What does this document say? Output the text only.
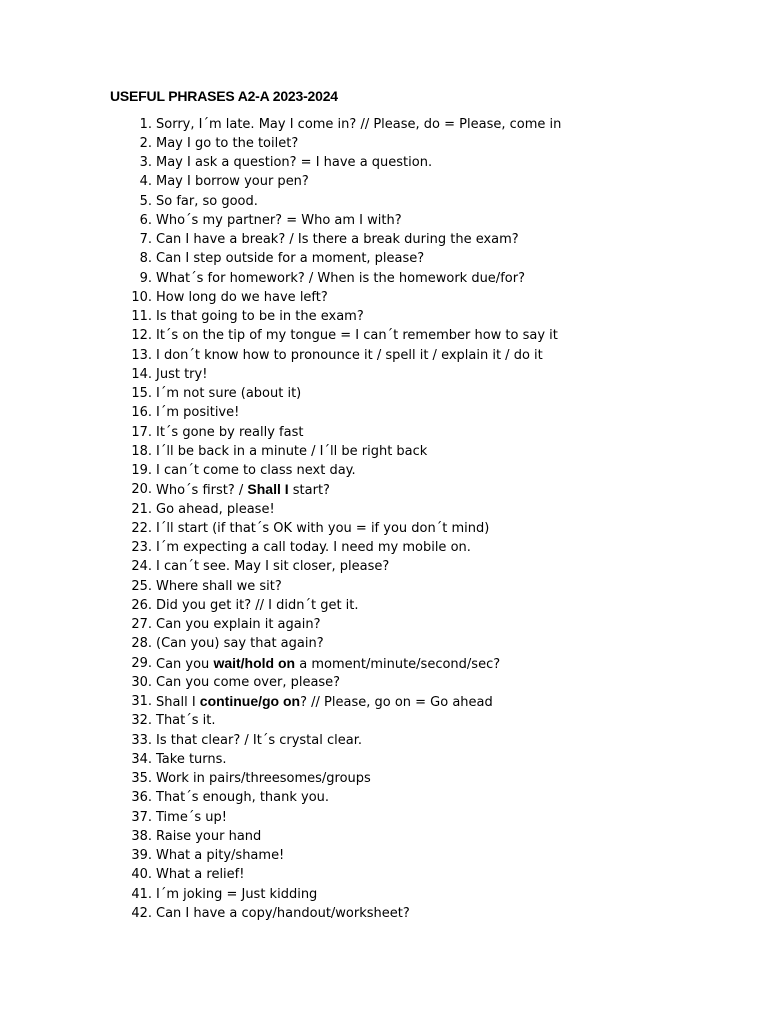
USEFUL PHRASES A2-A 2023-2024
1. Sorry, I´m late. May I come in? // Please, do = Please, come in
2. May I go to the toilet?
3. May I ask a question? = I have a question.
4. May I borrow your pen?
5. So far, so good.
6. Who´s my partner? = Who am I with?
7. Can I have a break? / Is there a break during the exam?
8. Can I step outside for a moment, please?
9. What´s for homework? / When is the homework due/for?
10. How long do we have left?
11. Is that going to be in the exam?
12. It´s on the tip of my tongue = I can´t remember how to say it
13. I don´t know how to pronounce it / spell it / explain it / do it
14. Just try!
15. I´m not sure (about it)
16. I´m positive!
17. It´s gone by really fast
18. I´ll be back in a minute / I´ll be right back
19. I can´t come to class next day.
20. Who´s first? / Shall I start?
21. Go ahead, please!
22. I´ll start (if that´s OK with you = if you don´t mind)
23. I´m expecting a call today. I need my mobile on.
24. I can´t see. May I sit closer, please?
25. Where shall we sit?
26. Did you get it? // I didn´t get it.
27. Can you explain it again?
28. (Can you) say that again?
29. Can you wait/hold on a moment/minute/second/sec?
30. Can you come over, please?
31. Shall I continue/go on? // Please, go on = Go ahead
32. That´s it.
33. Is that clear? / It´s crystal clear.
34. Take turns.
35. Work in pairs/threesomes/groups
36. That´s enough, thank you.
37. Time´s up!
38. Raise your hand
39. What a pity/shame!
40. What a relief!
41. I´m joking = Just kidding
42. Can I have a copy/handout/worksheet?
